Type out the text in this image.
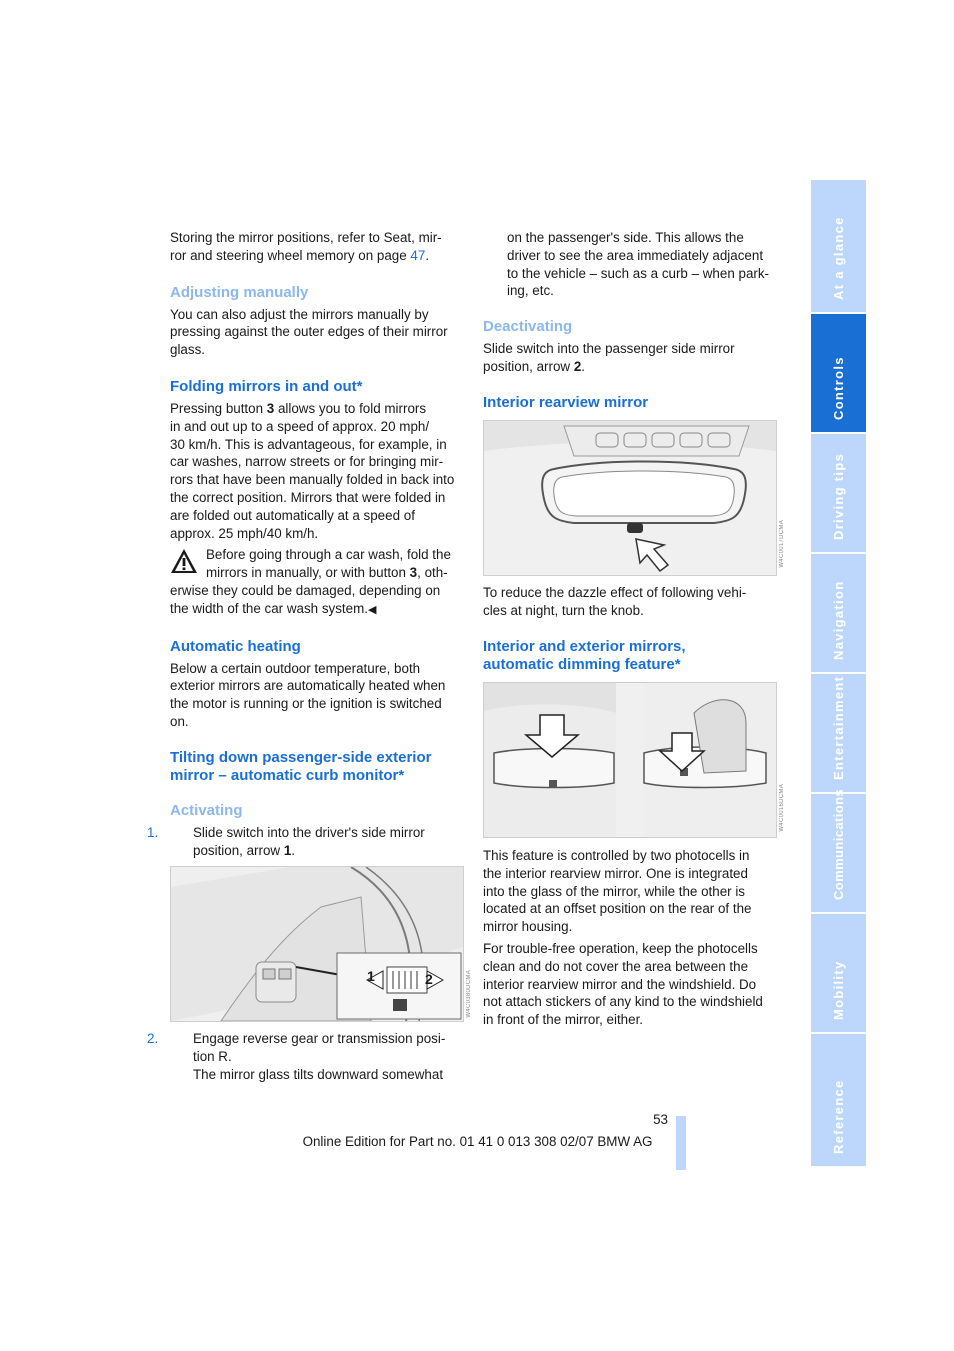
Storing the mirror positions, refer to Seat, mir-
ror and steering wheel memory on page 47.

Adjusting manually

You can also adjust the mirrors manually by
pressing against the outer edges of their mirror
glass.

Folding mirrors in and out*

Pressing button 3 allows you to fold mirrors
in and out up to a speed of approx. 20 mph/
30 km/h. This is advantageous, for example, in
car washes, narrow streets or for bringing mir-
rors that have been manually folded in back into
the correct position. Mirrors that were folded in
are folded out automatically at a speed of
approx. 25 mph/40 km/h.

Before going through a car wash, fold the
mirrors in manually, or with button 3, oth-

erwise they could be damaged, depending on
the width of the car wash system.◀

Automatic heating

Below a certain outdoor temperature, both
exterior mirrors are automatically heated when
the motor is running or the ignition is switched
on.

Tilting down passenger-side exterior
mirror – automatic curb monitor*

Activating

1.	Slide switch into the driver's side mirror
position, arrow 1.

1	2	W4C0380DCMA

2.	Engage reverse gear or transmission posi-
tion R.
The mirror glass tilts downward somewhat

on the passenger's side. This allows the
driver to see the area immediately adjacent
to the vehicle – such as a curb – when park-
ing, etc.

Deactivating

Slide switch into the passenger side mirror
position, arrow 2.

Interior rearview mirror

W4C0017DCMA

To reduce the dazzle effect of following vehi-
cles at night, turn the knob.

Interior and exterior mirrors,
automatic dimming feature*

W4C0016DCMA

This feature is controlled by two photocells in
the interior rearview mirror. One is integrated
into the glass of the mirror, while the other is
located at an offset position on the rear of the
mirror housing.

For trouble-free operation, keep the photocells
clean and do not cover the area between the
interior rearview mirror and the windshield. Do
not attach stickers of any kind to the windshield
in front of the mirror, either.

At a glance
Controls
Driving tips
Navigation
Entertainment
Communications
Mobility
Reference
53
Online Edition for Part no. 01 41 0 013 308 02/07 BMW AG
